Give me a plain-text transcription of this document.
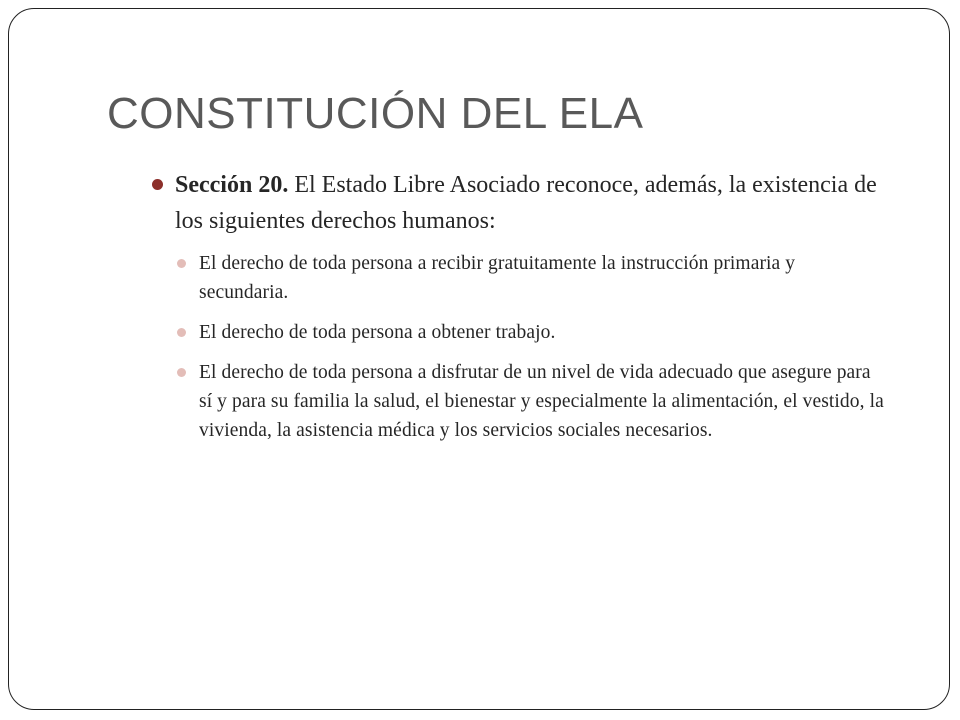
CONSTITUCIÓN DEL ELA
Sección 20. El Estado Libre Asociado reconoce, además, la existencia de los siguientes derechos humanos:
El derecho de toda persona a recibir gratuitamente la instrucción primaria y secundaria.
El derecho de toda persona a obtener trabajo.
El derecho de toda persona a disfrutar de un nivel de vida adecuado que asegure para sí y para su familia la salud, el bienestar y especialmente la alimentación, el vestido, la vivienda, la asistencia médica y los servicios sociales necesarios.
